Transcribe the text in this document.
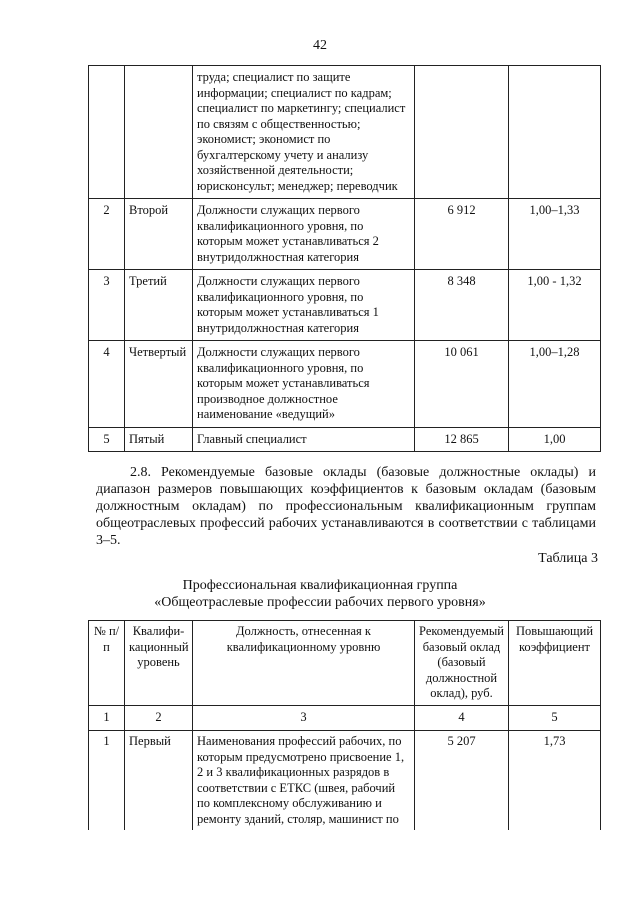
42
		труда; специалист по защите информации; специалист по кадрам; специалист по маркетингу; специалист по связям с общественностью; экономист; экономист по бухгалтерскому учету и анализу хозяйственной деятельности; юрисконсульт; менеджер; переводчик		
2	Второй	Должности служащих первого квалификационного уровня, по которым может устанавливаться 2 внутридолжностная категория	6 912	1,00–1,33
3	Третий	Должности служащих первого квалификационного уровня, по которым может устанавливаться 1 внутридолжностная категория	8 348	1,00 - 1,32
4	Четвертый	Должности служащих первого квалификационного уровня, по которым может устанавливаться производное должностное наименование «ведущий»	10 061	1,00–1,28
5	Пятый	Главный специалист	12 865	1,00
2.8. Рекомендуемые базовые оклады (базовые должностные оклады) и диапазон размеров повышающих коэффициентов к базовым окладам (базовым должностным окладам) по профессиональным квалификационным группам общеотраслевых профессий рабочих устанавливаются в соответствии с таблицами 3–5.
Таблица 3
Профессиональная квалификационная группа
«Общеотраслевые профессии рабочих первого уровня»
№ п/п	Квалифи-кационный уровень	Должность, отнесенная к квалификационному уровню	Рекомендуемый базовый оклад (базовый должностной оклад), руб.	Повышающий коэффициент
1	2	3	4	5
1	Первый	Наименования профессий рабочих, по которым предусмотрено присвоение 1, 2 и 3 квалификационных разрядов в соответствии с ЕТКС (швея, рабочий по комплексному обслуживанию и ремонту зданий, столяр, машинист по	5 207	1,73
